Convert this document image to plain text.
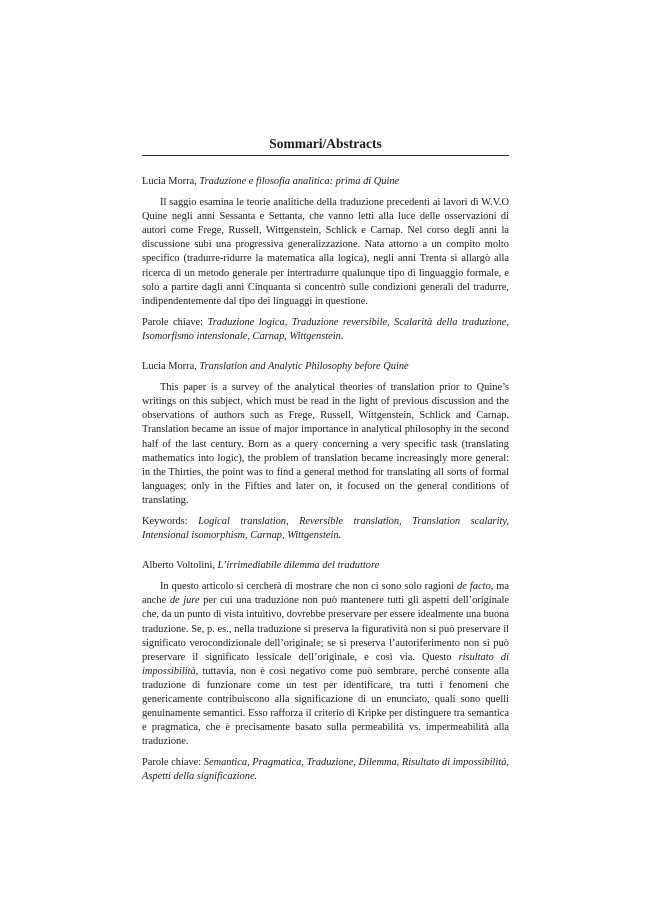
Sommari/Abstracts

Lucia Morra, Traduzione e filosofia analitica: prima di Quine

Il saggio esamina le teorie analitiche della traduzione precedenti ai lavori di W.V.O Quine negli anni Sessanta e Settanta, che vanno letti alla luce delle osservazioni di autori come Frege, Russell, Wittgenstein, Schlick e Carnap. Nel corso degli anni la discussione subì una progressiva generalizzazione. Nata attorno a un compito molto specifico (tradurre-ridurre la matematica alla logica), negli anni Trenta si allargò alla ricerca di un metodo generale per intertradurre qualunque tipo di linguaggio formale, e solo a partire dagli anni Cinquanta si concentrò sulle condizioni generali del tradurre, indipendentemente dal tipo dei linguaggi in questione.

Parole chiave: Traduzione logica, Traduzione reversibile, Scalarità della traduzione, Isomorfismo intensionale, Carnap, Wittgenstein.

Lucia Morra, Translation and Analytic Philosophy before Quine

This paper is a survey of the analytical theories of translation prior to Quine’s writings on this subject, which must be read in the light of previous discussion and the observations of authors such as Frege, Russell, Wittgenstein, Schlick and Carnap. Translation became an issue of major importance in analytical philosophy in the second half of the last century. Born as a query concerning a very specific task (translating mathematics into logic), the problem of translation became increasingly more general: in the Thirties, the point was to find a general method for translating all sorts of formal languages; only in the Fifties and later on, it focused on the general conditions of translating.

Keywords: Logical translation, Reversible translation, Translation scalarity, Intensional isomorphism, Carnap, Wittgenstein.

Alberto Voltolini, L’irrimediabile dilemma del traduttore

In questo articolo si cercherà di mostrare che non ci sono solo ragioni de facto, ma anche de jure per cui una traduzione non può mantenere tutti gli aspetti dell’originale che, da un punto di vista intuitivo, dovrebbe preservare per essere idealmente una buona traduzione. Se, p. es., nella traduzione si preserva la figuratività non si può preservare il significato verocondizionale dell’originale; se si preserva l’autoriferimento non si può preservare il significato lessicale dell’originale, e così via. Questo risultato di impossibilità, tuttavia, non è così negativo come può sembrare, perché consente alla traduzione di funzionare come un test per identificare, tra tutti i fenomeni che genericamente contribuiscono alla significazione di un enunciato, quali sono quelli genuinamente semantici. Esso rafforza il criterio di Kripke per distinguere tra semantica e pragmatica, che è precisamente basato sulla permeabilità vs. impermeabilità alla traduzione.

Parole chiave: Semantica, Pragmatica, Traduzione, Dilemma, Risultato di impossibilità, Aspetti della significazione.
